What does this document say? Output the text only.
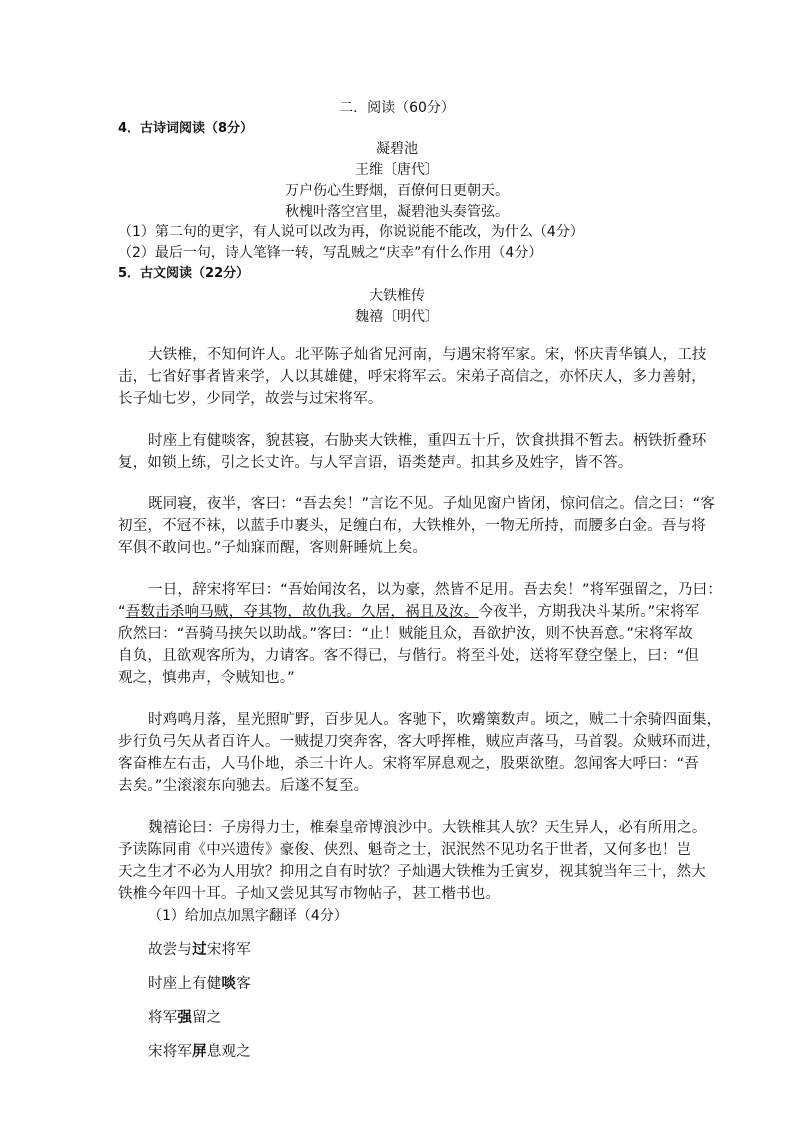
二．阅读（60分）
4．古诗词阅读（8分）
凝碧池
王维〔唐代〕
万户伤心生野烟，百僚何日更朝天。
秋槐叶落空宫里，凝碧池头奏管弦。
（1）第二句的更字，有人说可以改为再，你说说能不能改，为什么（4分）
（2）最后一句，诗人笔锋一转，写乱贼之“庆幸”有什么作用（4分）
5．古文阅读（22分）
大铁椎传
魏禧〔明代〕
大铁椎，不知何许人。北平陈子灿省兄河南，与遇宋将军家。宋，怀庆青华镇人，工技
击，七省好事者皆来学，人以其雄健，呼宋将军云。宋弟子高信之，亦怀庆人，多力善射，
长子灿七岁，少同学，故尝与过宋将军。
时座上有健啖客，貌甚寝，右胁夹大铁椎，重四五十斤，饮食拱揖不暂去。柄铁折叠环
复，如锁上练，引之长丈许。与人罕言语，语类楚声。扣其乡及姓字，皆不答。
既同寝，夜半，客曰：“吾去矣！”言讫不见。子灿见窗户皆闭，惊问信之。信之曰：“客
初至，不冠不袜，以蓝手巾裹头，足缠白布，大铁椎外，一物无所持，而腰多白金。吾与将
军俱不敢问也。”子灿寐而醒，客则鼾睡炕上矣。
一日，辞宋将军曰：“吾始闻汝名，以为豪，然皆不足用。吾去矣！”将军强留之，乃曰：
“吾数击杀响马贼，夺其物，故仇我。久居，祸且及汝。今夜半，方期我决斗某所。”宋将军
欣然曰：“吾骑马挟矢以助战。”客曰：“止！贼能且众，吾欲护汝，则不快吾意。”宋将军故
自负，且欲观客所为，力请客。客不得已，与偕行。将至斗处，送将军登空堡上，曰：“但
观之，慎弗声，令贼知也。”
时鸡鸣月落，星光照旷野，百步见人。客驰下，吹觱篥数声。顷之，贼二十余骑四面集，
步行负弓矢从者百许人。一贼提刀突奔客，客大呼挥椎，贼应声落马，马首裂。众贼环而进，
客奋椎左右击，人马仆地，杀三十许人。宋将军屏息观之，股栗欲堕。忽闻客大呼曰：“吾
去矣。”尘滚滚东向驰去。后遂不复至。
魏禧论曰：子房得力士，椎秦皇帝博浪沙中。大铁椎其人欤？天生异人，必有所用之。
予读陈同甫《中兴遗传》豪俊、侠烈、魁奇之士，泯泯然不见功名于世者，又何多也！岂
天之生才不必为人用欤？抑用之自有时欤？子灿遇大铁椎为壬寅岁，视其貌当年三十，然大
铁椎今年四十耳。子灿又尝见其写市物帖子，甚工楷书也。
（1）给加点加黑字翻译（4分）
故尝与过宋将军
时座上有健啖客
将军强留之
宋将军屏息观之
